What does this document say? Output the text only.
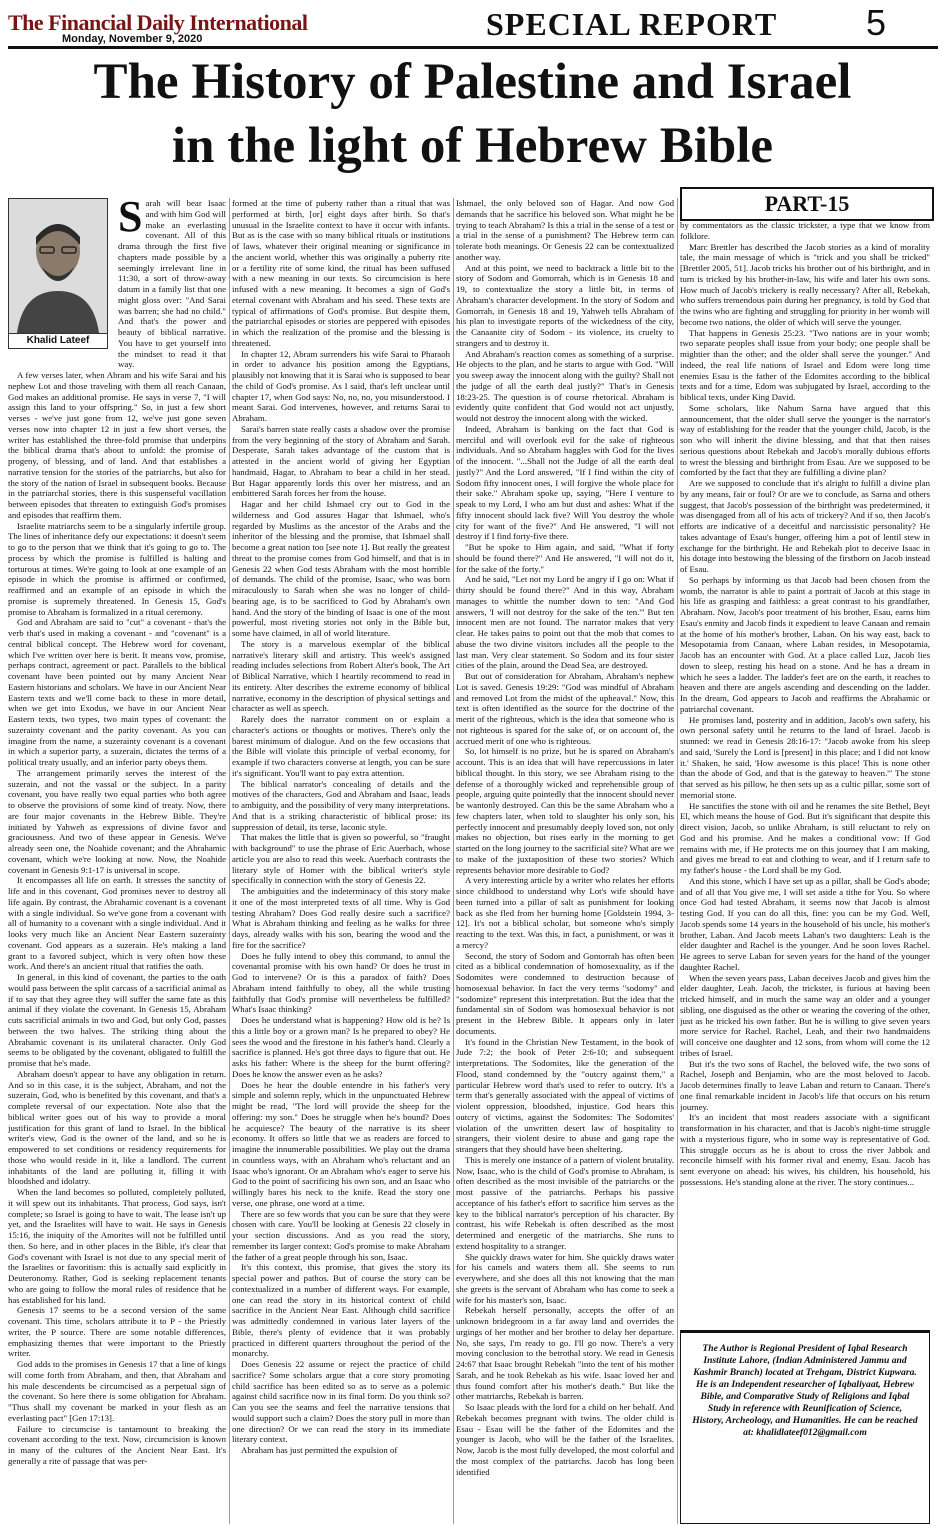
The Financial Daily International
Monday, November 9, 2020	SPECIAL REPORT 5
The History of Palestine and Israel
in the light of Hebrew Bible
Khalid Lateef
S arah will bear Isaac and with him God will make an everlasting covenant. All of this drama through the first five chapters made possible by a seemingly irrelevant line in 11:30, a sort of throw-away datum in a family list that one might gloss over: "And Sarai was barren; she had no child." And that's the power and beauty of biblical narrative. You have to get yourself into the mindset to read it that way.

A few verses later, when Abram and his wife Sarai and his nephew Lot and those traveling with them all reach Canaan, God makes an additional promise. He says in verse 7, "I will assign this land to your offspring." So, in just a few short verses - we've just gone from 12, we've just gone seven verses now into chapter 12 in just a few short verses, the writer has established the three-fold promise that underpins the biblical drama that's about to unfold: the promise of progeny, of blessing, and of land. And that establishes a narrative tension for the stories of the patriarchs, but also for the story of the nation of Israel in subsequent books. Because in the patriarchal stories, there is this suspenseful vacillation between episodes that threaten to extinguish God's promises and episodes that reaffirm them.

Israelite matriarchs seem to be a singularly infertile group. The lines of inheritance defy our expectations: it doesn't seem to go to the person that we think that it's going to go to. The process by which the promise is fulfilled is halting and torturous at times. We're going to look at one example of an episode in which the promise is affirmed or confirmed, reaffirmed and an example of an episode in which the promise is supremely threatened. In Genesis 15, God's promise to Abraham is formalized in a ritual ceremony.

God and Abraham are said to "cut" a covenant - that's the verb that's used in making a covenant - and "covenant" is a central biblical concept. The Hebrew word for covenant, which I've written over here is berit. It means vow, promise, perhaps contract, agreement or pact. Parallels to the biblical covenant have been pointed out by many Ancient Near Eastern historians and scholars. We have in our Ancient Near Eastern texts and we'll come back to these in more detail, when we get into Exodus, we have in our Ancient Near Eastern texts, two types, two main types of covenant: the suzerainty covenant and the parity covenant. As you can imagine from the name, a suzerainty covenant is a covenant in which a superior party, a suzerain, dictates the terms of a political treaty usually, and an inferior party obeys them.

The arrangement primarily serves the interest of the suzerain, and not the vassal or the subject. In a parity covenant, you have really two equal parties who both agree to observe the provisions of some kind of treaty. Now, there are four major covenants in the Hebrew Bible. They're initiated by Yahweh as expressions of divine favor and graciousness. And two of these appear in Genesis. We've already seen one, the Noahide covenant; and the Abrahamic covenant, which we're looking at now. Now, the Noahide covenant in Genesis 9:1-17 is universal in scope.

It encompasses all life on earth. It stresses the sanctity of life and in this covenant, God promises never to destroy all life again. By contrast, the Abrahamic covenant is a covenant with a single individual. So we've gone from a covenant with all of humanity to a covenant with a single individual. And it looks very much like an Ancient Near Eastern suzerainty covenant. God appears as a suzerain. He's making a land grant to a favored subject, which is very often how these work. And there's an ancient ritual that ratifies the oath.

In general, in this kind of covenant, the parties to the oath would pass between the split carcass of a sacrificial animal as if to say that they agree they will suffer the same fate as this animal if they violate the covenant. In Genesis 15, Abraham cuts sacrificial animals in two and God, but only God, passes between the two halves. The striking thing about the Abrahamic covenant is its unilateral character. Only God seems to be obligated by the covenant, obligated to fulfill the promise that he's made.

Abraham doesn't appear to have any obligation in return. And so in this case, it is the subject, Abraham, and not the suzerain, God, who is benefited by this covenant, and that's a complete reversal of our expectation. Note also that the biblical writer goes out of his way to provide a moral justification for this grant of land to Israel. In the biblical writer's view, God is the owner of the land, and so he is empowered to set conditions or residency requirements for those who would reside in it, like a landlord. The current inhabitants of the land are polluting it, filling it with bloodshed and idolatry.

When the land becomes so polluted, completely polluted, it will spew out its inhabitants. That process, God says, isn't complete; so Israel is going to have to wait. The lease isn't up yet, and the Israelites will have to wait. He says in Genesis 15:16, the iniquity of the Amorites will not be fulfilled until then. So here, and in other places in the Bible, it's clear that God's covenant with Israel is not due to any special merit of the Israelites or favoritism: this is actually said explicitly in Deuteronomy. Rather, God is seeking replacement tenants who are going to follow the moral rules of residence that he has established for his land.

Genesis 17 seems to be a second version of the same covenant. This time, scholars attribute it to P - the Priestly writer, the P source. There are some notable differences, emphasizing themes that were important to the Priestly writer.

God adds to the promises in Genesis 17 that a line of kings will come forth from Abraham, and then, that Abraham and his male descendents be circumcised as a perpetual sign of the covenant. So here there is some obligation for Abraham. "Thus shall my covenant be marked in your flesh as an everlasting pact" [Gen 17:13].

Failure to circumcise is tantamount to breaking the covenant according to the text. Now, circumcision is known in many of the cultures of the Ancient Near East. It's generally a rite of passage that was per-

formed at the time of puberty rather than a ritual that was performed at birth, [or] eight days after birth. So that's unusual in the Israelite context to have it occur with infants. But as is the case with so many biblical rituals or institutions of laws, whatever their original meaning or significance in the ancient world, whether this was originally a puberty rite or a fertility rite of some kind, the ritual has been suffused with a new meaning in our texts. So circumcision is here infused with a new meaning. It becomes a sign of God's eternal covenant with Abraham and his seed. These texts are typical of affirmations of God's promise. But despite them, the patriarchal episodes or stories are peppered with episodes in which the realization of the promise and the blessing is threatened.

In chapter 12, Abram surrenders his wife Sarai to Pharaoh in order to advance his position among the Egyptians, plausibly not knowing that it is Sarai who is supposed to bear the child of God's promise. As I said, that's left unclear until chapter 17, when God says: No, no, no, you misunderstood. I meant Sarai. God intervenes, however, and returns Sarai to Abraham.

Sarai's barren state really casts a shadow over the promise from the very beginning of the story of Abraham and Sarah. Desperate, Sarah takes advantage of the custom that is attested in the ancient world of giving her Egyptian handmaid, Hagar, to Abraham to bear a child in her stead. But Hagar apparently lords this over her mistress, and an embittered Sarah forces her from the house.

Hagar and her child Ishmael cry out to God in the wilderness and God assures Hagar that Ishmael, who's regarded by Muslims as the ancestor of the Arabs and the inheritor of the blessing and the promise, that Ishmael shall become a great nation too [see note 1]. But really the greatest threat to the promise comes from God himself, and that is in Genesis 22 when God tests Abraham with the most horrible of demands. The child of the promise, Isaac, who was born miraculously to Sarah when she was no longer of child-bearing age, is to be sacrificed to God by Abraham's own hand. And the story of the binding of Isaac is one of the most powerful, most riveting stories not only in the Bible but, some have claimed, in all of world literature.

The story is a marvelous exemplar of the biblical narrative's literary skill and artistry. This week's assigned reading includes selections from Robert Alter's book, The Art of Biblical Narrative, which I heartily recommend to read in its entirety. Alter describes the extreme economy of biblical narrative, economy in the description of physical settings and character as well as speech.

Rarely does the narrator comment on or explain a character's actions or thoughts or motives. There's only the barest minimum of dialogue. And on the few occasions that the Bible will violate this principle of verbal economy, for example if two characters converse at length, you can be sure it's significant. You'll want to pay extra attention.

The biblical narrator's concealing of details and the motives of the characters, God and Abraham and Isaac, leads to ambiguity, and the possibility of very many interpretations. And that is a striking characteristic of biblical prose: its suppression of detail, its terse, laconic style.

That makes the little that is given so powerful, so "fraught with background" to use the phrase of Eric Auerbach, whose article you are also to read this week. Auerbach contrasts the literary style of Homer with the biblical writer's style specifically in connection with the story of Genesis 22.

The ambiguities and the indeterminacy of this story make it one of the most interpreted texts of all time. Why is God testing Abraham? Does God really desire such a sacrifice? What is Abraham thinking and feeling as he walks for three days, already walks with his son, bearing the wood and the fire for the sacrifice?

Does he fully intend to obey this command, to annul the covenantal promise with his own hand? Or does he trust in God to intervene? Or is this a paradox of faith? Does Abraham intend faithfully to obey, all the while trusting faithfully that God's promise will nevertheless be fulfilled? What's Isaac thinking?

Does he understand what is happening? How old is he? Is this a little boy or a grown man? Is he prepared to obey? He sees the wood and the firestone in his father's hand. Clearly a sacrifice is planned. He's got three days to figure that out. He asks his father: Where is the sheep for the burnt offering? Does he know the answer even as he asks?

Does he hear the double entendre in his father's very simple and solemn reply, which in the unpunctuated Hebrew might be read, "The lord will provide the sheep for the offering: my son." Does he struggle when he's bound? Does he acquiesce? The beauty of the narrative is its sheer economy. It offers so little that we as readers are forced to imagine the innumerable possibilities. We play out the drama in countless ways, with an Abraham who's reluctant and an Isaac who's ignorant. Or an Abraham who's eager to serve his God to the point of sacrificing his own son, and an Isaac who willingly bares his neck to the knife. Read the story one verse, one phrase, one word at a time.

There are so few words that you can be sure that they were chosen with care. You'll be looking at Genesis 22 closely in your section discussions. And as you read the story, remember its larger context: God's promise to make Abraham the father of a great people through his son, Isaac.

It's this context, this promise, that gives the story its special power and pathos. But of course the story can be contextualized in a number of different ways. For example, one can read the story in its historical context of child sacrifice in the Ancient Near East. Although child sacrifice was admittedly condemned in various later layers of the Bible, there's plenty of evidence that it was probably practiced in different quarters throughout the period of the monarchy.

Does Genesis 22 assume or reject the practice of child sacrifice? Some scholars argue that a core story promoting child sacrifice has been edited so as to serve as a polemic against child sacrifice now in its final form. Do you think so? Can you see the seams and feel the narrative tensions that would support such a claim? Does the story pull in more than one direction? Or we can read the story in its immediate literary context.

Abraham has just permitted the expulsion of

Ishmael, the only beloved son of Hagar. And now God demands that he sacrifice his beloved son. What might he be trying to teach Abraham? Is this a trial in the sense of a test or a trial in the sense of a punishment? The Hebrew term can tolerate both meanings. Or Genesis 22 can be contextualized another way.

And at this point, we need to backtrack a little bit to the story of Sodom and Gomorrah, which is in Genesis 18 and 19, to contextualize the story a little bit, in terms of Abraham's character development. In the story of Sodom and Gomorrah, in Genesis 18 and 19, Yahweh tells Abraham of his plan to investigate reports of the wickedness of the city, the Canaanite city of Sodom - its violence, its cruelty to strangers and to destroy it.

And Abraham's reaction comes as something of a surprise. He objects to the plan, and he starts to argue with God. "Will you sweep away the innocent along with the guilty? Shall not the judge of all the earth deal justly?" That's in Genesis 18:23-25. The question is of course rhetorical. Abraham is evidently quite confident that God would not act unjustly, would not destroy the innocent along with the wicked.

Indeed, Abraham is banking on the fact that God is merciful and will overlook evil for the sake of righteous individuals. And so Abraham haggles with God for the lives of the innocent. "...Shall not the Judge of all the earth deal justly?" And the Lord answered, "If I find within the city of Sodom fifty innocent ones, I will forgive the whole place for their sake." Abraham spoke up, saying, "Here I venture to speak to my Lord, I who am but dust and ashes: What if the fifty innocent should lack five? Will You destroy the whole city for want of the five?" And He answered, "I will not destroy if I find forty-five there.

"But he spoke to Him again, and said, "What if forty should be found there?" And He answered, "I will not do it, for the sake of the forty."

And he said, "Let not my Lord be angry if I go on: What if thirty should be found there?" And in this way, Abraham manages to whittle the number down to ten: "And God answers, 'I will not destroy for the sake of the ten.'" But ten innocent men are not found. The narrator makes that very clear. He takes pains to point out that the mob that comes to abuse the two divine visitors includes all the people to the last man. Very clear statement. So Sodom and its four sister cities of the plain, around the Dead Sea, are destroyed.

But out of consideration for Abraham, Abraham's nephew Lot is saved. Genesis 19:29: "God was mindful of Abraham and removed Lot from the midst of the upheaval." Now, this text is often identified as the source for the doctrine of the merit of the righteous, which is the idea that someone who is not righteous is spared for the sake of, or on account of, the accrued merit of one who is righteous.

So, lot himself is no prize, but he is spared on Abraham's account. This is an idea that will have repercussions in later biblical thought. In this story, we see Abraham rising to the defense of a thoroughly wicked and reprehensible group of people, arguing quite pointedly that the innocent should never be wantonly destroyed. Can this be the same Abraham who a few chapters later, when told to slaughter his only son, his perfectly innocent and presumably deeply loved son, not only makes no objection, but rises early in the morning to get started on the long journey to the sacrificial site? What are we to make of the juxtaposition of these two stories? Which represents behavior more desirable to God?

A very interesting article by a writer who relates her efforts since childhood to understand why Lot's wife should have been turned into a pillar of salt as punishment for looking back as she fled from her burning home [Goldstein 1994, 3-12]. It's not a biblical scholar, but someone who's simply reacting to the text. Was this, in fact, a punishment, or was it a mercy?

Second, the story of Sodom and Gomorrah has often been cited as a biblical condemnation of homosexuality, as if the Sodomites were condemned to destruction because of homosexual behavior. In fact the very terms "sodomy" and "sodomize" represent this interpretation. But the idea that the fundamental sin of Sodom was homosexual behavior is not present in the Hebrew Bible. It appears only in later documents.

It's found in the Christian New Testament, in the book of Jude 7:2; the book of Peter 2:6-10; and subsequent interpretations. The Sodomites, like the generation of the Flood, stand condemned by the "outcry against them," a particular Hebrew word that's used to refer to outcry. It's a term that's generally associated with the appeal of victims of violent oppression, bloodshed, injustice. God hears this outcry of victims, against the Sodomites: The Sodomites' violation of the unwritten desert law of hospitality to strangers, their violent desire to abuse and gang rape the strangers that they should have been sheltering.

This is merely one instance of a pattern of violent brutality. Now, Isaac, who is the child of God's promise to Abraham, is often described as the most invisible of the patriarchs or the most passive of the patriarchs. Perhaps his passive acceptance of his father's effort to sacrifice him serves as the key to the biblical narrator's perception of his character. By contrast, his wife Rebekah is often described as the most determined and energetic of the matriarchs. She runs to extend hospitality to a stranger.

She quickly draws water for him. She quickly draws water for his camels and waters them all. She seems to run everywhere, and she does all this not knowing that the man she greets is the servant of Abraham who has come to seek a wife for his master's son, Isaac.

Rebekah herself personally, accepts the offer of an unknown bridegroom in a far away land and overrides the urgings of her mother and her brother to delay her departure. No, she says, I'm ready to go. I'll go now. There's a very moving conclusion to the betrothal story. We read in Genesis 24:67 that Isaac brought Rebekah "into the tent of his mother Sarah, and he took Rebekah as his wife. Isaac loved her and thus found comfort after his mother's death." But like the other matriarchs, Rebekah is barren.

So Isaac pleads with the lord for a child on her behalf. And Rebekah becomes pregnant with twins. The older child is Esau - Esau will be the father of the Edomites and the younger is Jacob, who will be the father of the Israelites. Now, Jacob is the most fully developed, the most colorful and the most complex of the patriarchs. Jacob has long been identified

PART-15

by commentators as the classic trickster, a type that we know from folklore.

Marc Brettler has described the Jacob stories as a kind of morality tale, the main message of which is "trick and you shall be tricked" [Brettler 2005, 51]. Jacob tricks his brother out of his birthright, and in turn is tricked by his brother-in-law, his wife and later his own sons. How much of Jacob's trickery is really necessary? After all, Rebekah, who suffers tremendous pain during her pregnancy, is told by God that the twins who are fighting and struggling for priority in her womb will become two nations, the older of which will serve the younger.

That happens in Genesis 25:23. "Two nations are in your womb; two separate peoples shall issue from your body; one people shall be mightier than the other; and the older shall serve the younger." And indeed, the real life nations of Israel and Edom were long time enemies Esau is the father of the Edomites according to the biblical texts and for a time, Edom was subjugated by Israel, according to the biblical texts, under King David.

Some scholars, like Nahum Sarna have argued that this announcement, that the older shall serve the younger is the narrator's way of establishing for the reader that the younger child, Jacob, is the son who will inherit the divine blessing, and that that then raises serious questions about Rebekah and Jacob's morally dubious efforts to wrest the blessing and birthright from Esau. Are we supposed to be comforted by the fact that they are fulfilling a divine plan?

Are we supposed to conclude that it's alright to fulfill a divine plan by any means, fair or foul? Or are we to conclude, as Sarna and others suggest, that Jacob's possession of the birthright was predetermined, it was disengaged from all of his acts of trickery? And if so, then Jacob's efforts are indicative of a deceitful and narcissistic personality? He takes advantage of Esau's hunger, offering him a pot of lentil stew in exchange for the birthright. He and Rebekah plot to deceive Isaac in his dotage into bestowing the blessing of the firstborn on Jacob instead of Esau.

So perhaps by informing us that Jacob had been chosen from the womb, the narrator is able to paint a portrait of Jacob at this stage in his life as grasping and faithless: a great contrast to his grandfather, Abraham. Now, Jacob's poor treatment of his brother, Esau, earns him Esau's enmity and Jacob finds it expedient to leave Canaan and remain at the home of his mother's brother, Laban. On his way east, back to Mesopotamia from Canaan, where Laban resides, in Mesopotamia, Jacob has an encounter with God. At a place called Luz, Jacob lies down to sleep, resting his head on a stone. And he has a dream in which he sees a ladder. The ladder's feet are on the earth, it reaches to heaven and there are angels ascending and descending on the ladder. In the dream, God appears to Jacob and reaffirms the Abrahamic or patriarchal covenant.

He promises land, posterity and in addition, Jacob's own safety, his own personal safety until he returns to the land of Israel. Jacob is stunned: we read in Genesis 28:16-17: "Jacob awoke from his sleep and said, 'Surely the Lord is [present] in this place; and I did not know it.' Shaken, he said, 'How awesome is this place! This is none other than the abode of God, and that is the gateway to heaven.'" The stone that served as his pillow, he then sets up as a cultic pillar, some sort of memorial stone.

He sanctifies the stone with oil and he renames the site Bethel, Beyt El, which means the house of God. But it's significant that despite this direct vision, Jacob, so unlike Abraham, is still reluctant to rely on God and his promise. And he makes a conditional vow: If God remains with me, if He protects me on this journey that I am making, and gives me bread to eat and clothing to wear, and if I return safe to my father's house - the Lord shall be my God.

And this stone, which I have set up as a pillar, shall be God's abode; and of all that You give me, I will set aside a tithe for You. So where once God had tested Abraham, it seems now that Jacob is almost testing God. If you can do all this, fine: you can be my God. Well, Jacob spends some 14 years in the household of his uncle, his mother's brother, Laban. And Jacob meets Laban's two daughters: Leah is the elder daughter and Rachel is the younger. And he soon loves Rachel. He agrees to serve Laban for seven years for the hand of the younger daughter Rachel.

When the seven years pass, Laban deceives Jacob and gives him the elder daughter, Leah. Jacob, the trickster, is furious at having been tricked himself, and in much the same way an older and a younger sibling, one disguised as the other or wearing the covering of the other, just as he tricked his own father. But he is willing to give seven years more service for Rachel. Rachel, Leah, and their two handmaidens will conceive one daughter and 12 sons, from whom will come the 12 tribes of Israel.

But it's the two sons of Rachel, the beloved wife, the two sons of Rachel, Joseph and Benjamin, who are the most beloved to Jacob. Jacob determines finally to leave Laban and return to Canaan. There's one final remarkable incident in Jacob's life that occurs on his return journey.

It's an incident that most readers associate with a significant transformation in his character, and that is Jacob's night-time struggle with a mysterious figure, who in some way is representative of God. This struggle occurs as he is about to cross the river Jabbok and reconcile himself with his former rival and enemy, Esau. Jacob has sent everyone on ahead: his wives, his children, his household, his possessions. He's standing alone at the river. The story continues...

The Author is Regional President of Iqbal Research Institute Lahore, (Indian Administered Jammu and Kashmir Branch) located at Trehgam, District Kupwara. He is an Independent researcher of Iqbaliyaat, Hebrew Bible, and Comparative Study of Religions and Iqbal Study in reference with Reunification of Science, History, Archeology, and Humanities. He can be reached at: khalidlateef012@gmail.com
